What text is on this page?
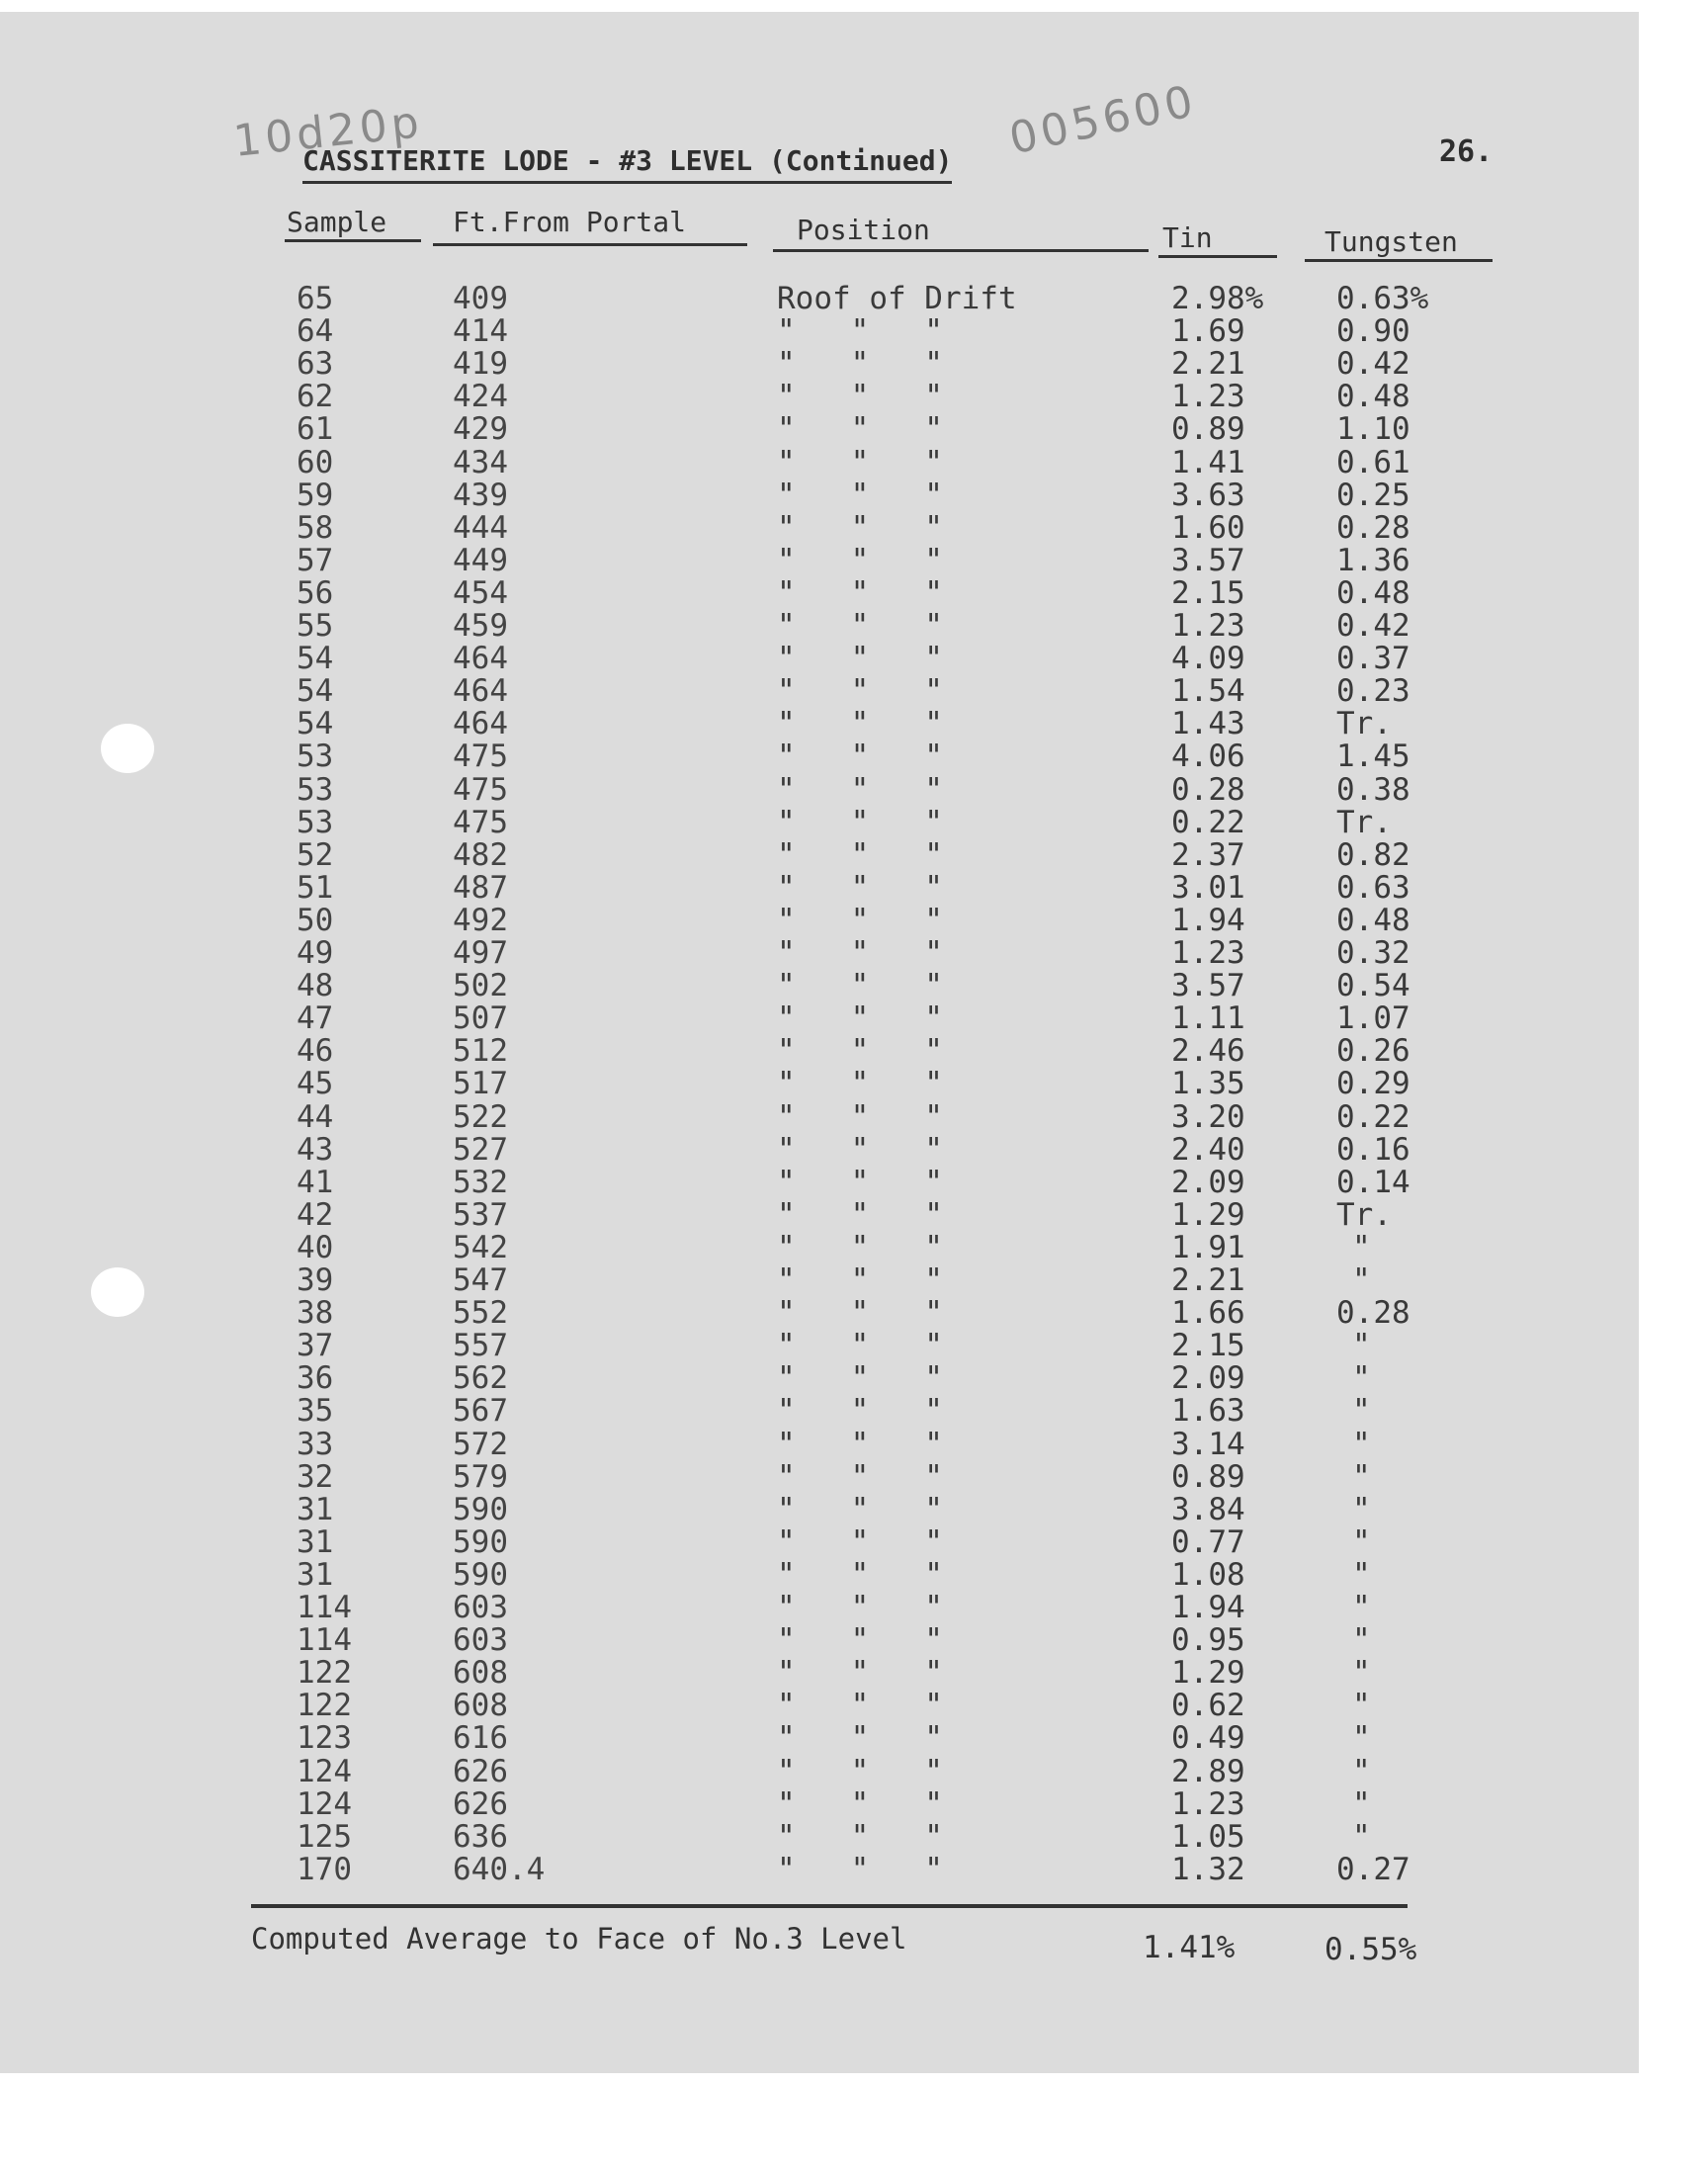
10d20p	005600
CASSITERITE LODE - #3 LEVEL (Continued)	26.
Sample Ft.From Portal	Position	Tin	Tungsten
65	409	Roof of Drift	2.98% 0.63%
64	414	"   "   "	1.69	0.90
63	419	"   "   "	2.21	0.42
62	424	"   "   "	1.23	0.48
61	429	"   "   "	0.89	1.10
60	434	"   "   "	1.41	0.61
59	439	"   "   "	3.63	0.25
58	444	"   "   "	1.60	0.28
57	449	"   "   "	3.57	1.36
56	454	"   "   "	2.15	0.48
55	459	"   "   "	1.23	0.42
54	464	"   "   "	4.09	0.37
54	464	"   "   "	1.54	0.23
54	464	"   "   "	1.43	Tr.
53	475	"   "   "	4.06	1.45
53	475	"   "   "	0.28	0.38
53	475	"   "   "	0.22	Tr.
52	482	"   "   "	2.37	0.82
51	487	"   "   "	3.01	0.63
50	492	"   "   "	1.94	0.48
49	497	"   "   "	1.23	0.32
48	502	"   "   "	3.57	0.54
47	507	"   "   "	1.11	1.07
46	512	"   "   "	2.46	0.26
45	517	"   "   "	1.35	0.29
44	522	"   "   "	3.20	0.22
43	527	"   "   "	2.40	0.16
41	532	"   "   "	2.09	0.14
42	537	"   "   "	1.29	Tr.
40	542	"   "   "	1.91	"
39	547	"   "   "	2.21	"
38	552	"   "   "	1.66	0.28
37	557	"   "   "	2.15	"
36	562	"   "   "	2.09	"
35	567	"   "   "	1.63	"
33	572	"   "   "	3.14	"
32	579	"   "   "	0.89	"
31	590	"   "   "	3.84	"
31	590	"   "   "	0.77	"
31	590	"   "   "	1.08	"
114	603	"   "   "	1.94	"
114	603	"   "   "	0.95	"
122	608	"   "   "	1.29	"
122	608	"   "   "	0.62	"
123	616	"   "   "	0.49	"
124	626	"   "   "	2.89	"
124	626	"   "   "	1.23	"
125	636	"   "   "	1.05	"
170	640.4	"   "   "	1.32	0.27
Computed Average to Face of No.3 Level	1.41%	0.55%
